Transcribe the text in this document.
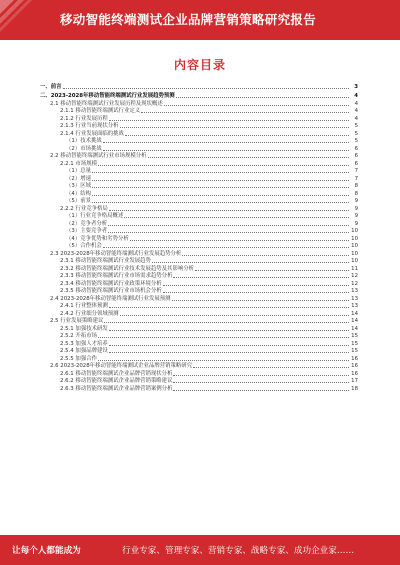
移动智能终端测试企业品牌营销策略研究报告
内容目录
一、前言	3
二、2023-2028年移动智能终端测试行业发展趋势预测	4
2.1 移动智能终端测试行业发展历程及现状概述	4
2.1.1 移动智能终端测试行业定义	4
2.1.2 行业发展历程	4
2.1.3 行业当前现状分析	5
2.1.4 行业发展面临的挑战	5
（1）技术挑战	5
（2）市场挑战	6
2.2 移动智能终端测试行业市场规模分析	6
2.2.1 市场规模	6
（1）总量	7
（2）增速	7
（3）区域	8
（4）结构	8
（5）前景	9
2.2.2 行业竞争格局	9
（1）行业竞争格局概述	9
（2）竞争者分析	9
（3）主要竞争者	10
（4）竞争优势和劣势分析	10
（5）合作机会	10
2.3 2023-2028年移动智能终端测试行业发展趋势分析	10
2.3.1 移动智能终端测试行业发展趋势	10
2.3.2 移动智能终端测试行业技术发展趋势及其影响分析	11
2.3.3 移动智能终端测试行业市场需求趋势分析	12
2.3.4 移动智能终端测试行业政策环境分析	12
2.3.5 移动智能终端测试行业市场机会分析	13
2.4 2023-2028年移动智能终端测试行业发展预测	13
2.4.1 行业整体预测	13
2.4.2 行业细分领域预测	14
2.5 行业发展策略建议	14
2.5.1 加强技术研发	14
2.5.2 开拓市场	15
2.5.3 加强人才培养	15
2.5.4 加强品牌建设	15
2.5.5 加强合作	16
2.6 2023-2028年移动智能终端测试企业品牌营销策略研究	16
2.6.1 移动智能终端测试企业品牌营销现状分析	16
2.6.2 移动智能终端测试企业品牌营销策略建议	17
2.6.3 移动智能终端测试企业品牌营销案例分析	18
让每个人都能成为	行业专家、管理专家、营销专家、战略专家、成功企业家……
